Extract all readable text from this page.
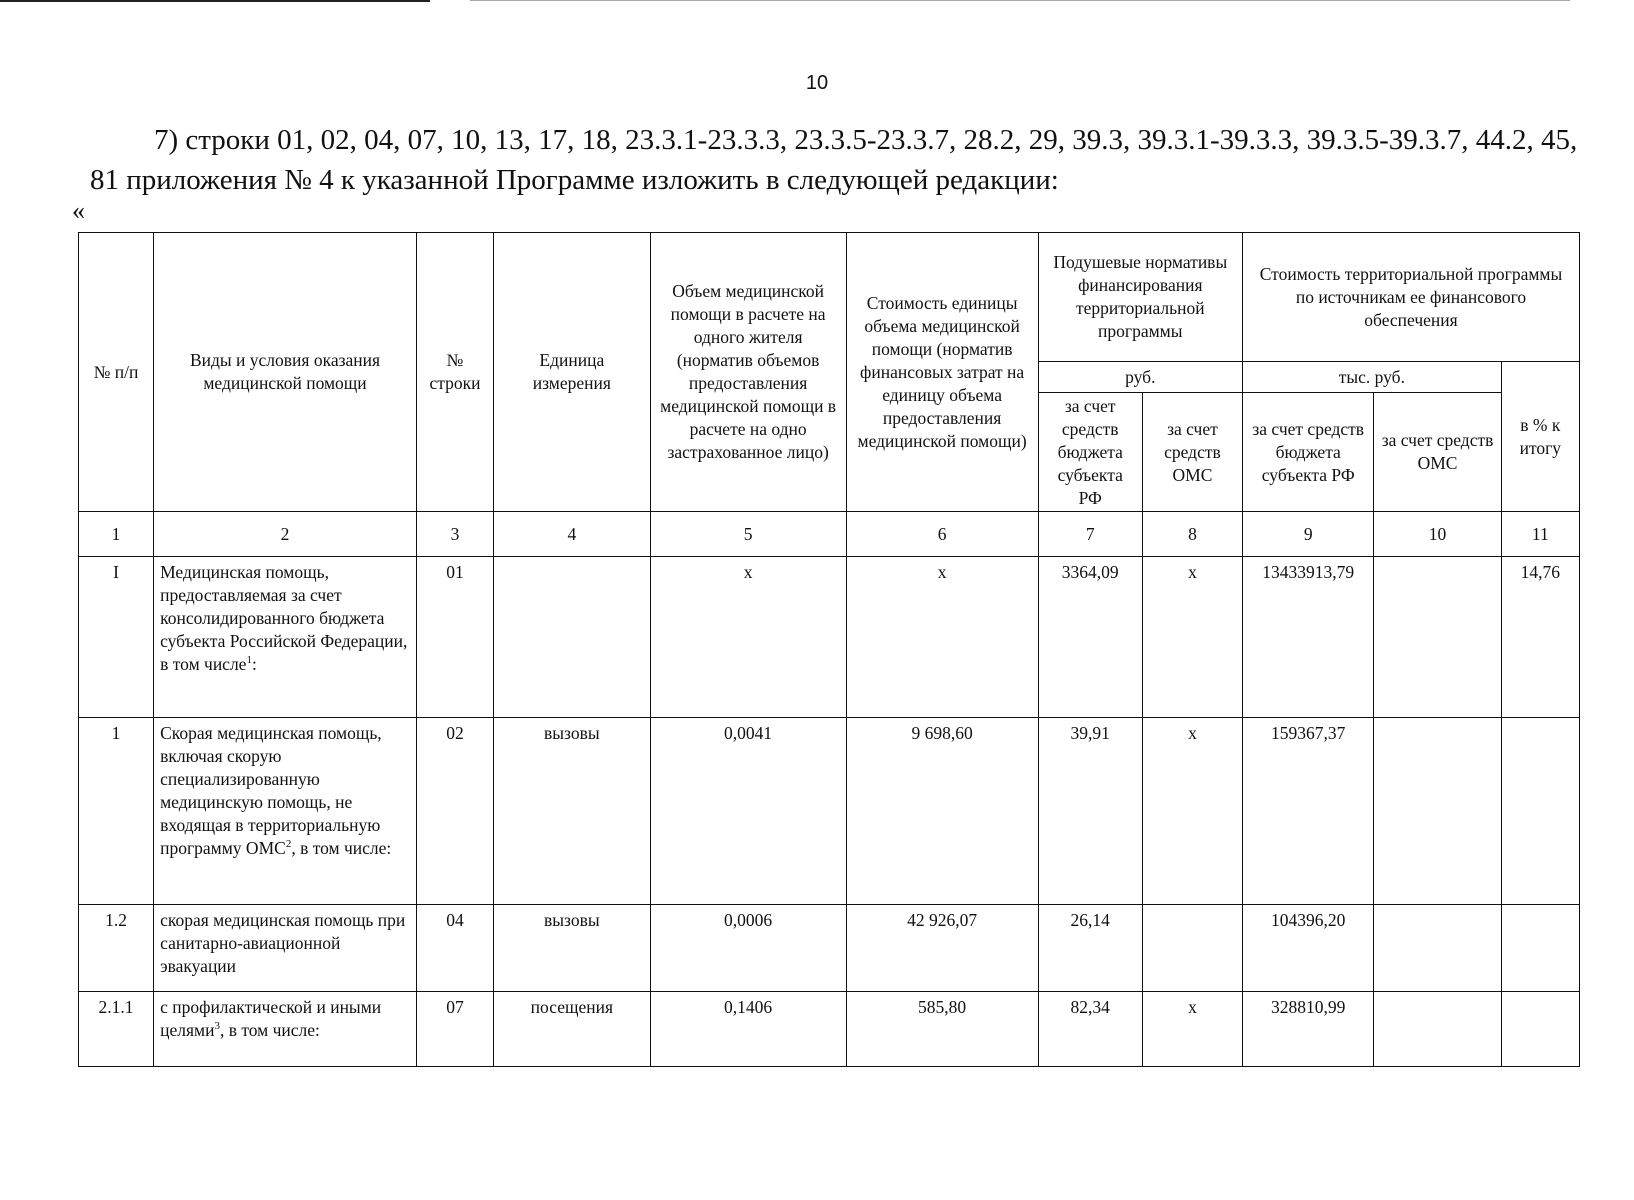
10

7) строки 01, 02, 04, 07, 10, 13, 17, 18, 23.3.1-23.3.3, 23.3.5-23.3.7, 28.2, 29, 39.3, 39.3.1-39.3.3, 39.3.5-39.3.7, 44.2, 45, 81 приложения № 4 к указанной Программе изложить в следующей редакции:

«
№ п/п	Виды и условия оказания медицинской помощи	№ строки	Единица измерения	Объем медицинской помощи в расчете на одного жителя (норматив объемов предоставления медицинской помощи в расчете на одно застрахованное лицо)	Стоимость единицы объема медицинской помощи (норматив финансовых затрат на единицу объема предоставления медицинской помощи)	Подушевые нормативы финансирования территориальной программы		Стоимость территориальной программы по источникам ее финансового обеспечения		
						руб.		тыс. руб.		в % к итогу
						за счет средств бюджета субъекта РФ	за счет средств ОМС	за счет средств бюджета субъекта РФ	за счет средств ОМС	
1	2	3	4	5	6	7	8	9	10	11
I	Медицинская помощь, предоставляемая за счет консолидированного бюджета субъекта Российской Федерации, в том числе$^1$:	01		х	х	3364,09	х	13433913,79		14,76
1	Скорая медицинская помощь, включая скорую специализированную медицинскую помощь, не входящая в территориальную программу ОМС$^2$, в том числе:	02	вызовы	0,0041	9 698,60	39,91	х	159367,37		
1.2	скорая медицинская помощь при санитарно-авиационной эвакуации	04	вызовы	0,0006	42 926,07	26,14		104396,20		
2.1.1	с профилактической и иными целями$^3$, в том числе:	07	посещения	0,1406	585,80	82,34	х	328810,99		
